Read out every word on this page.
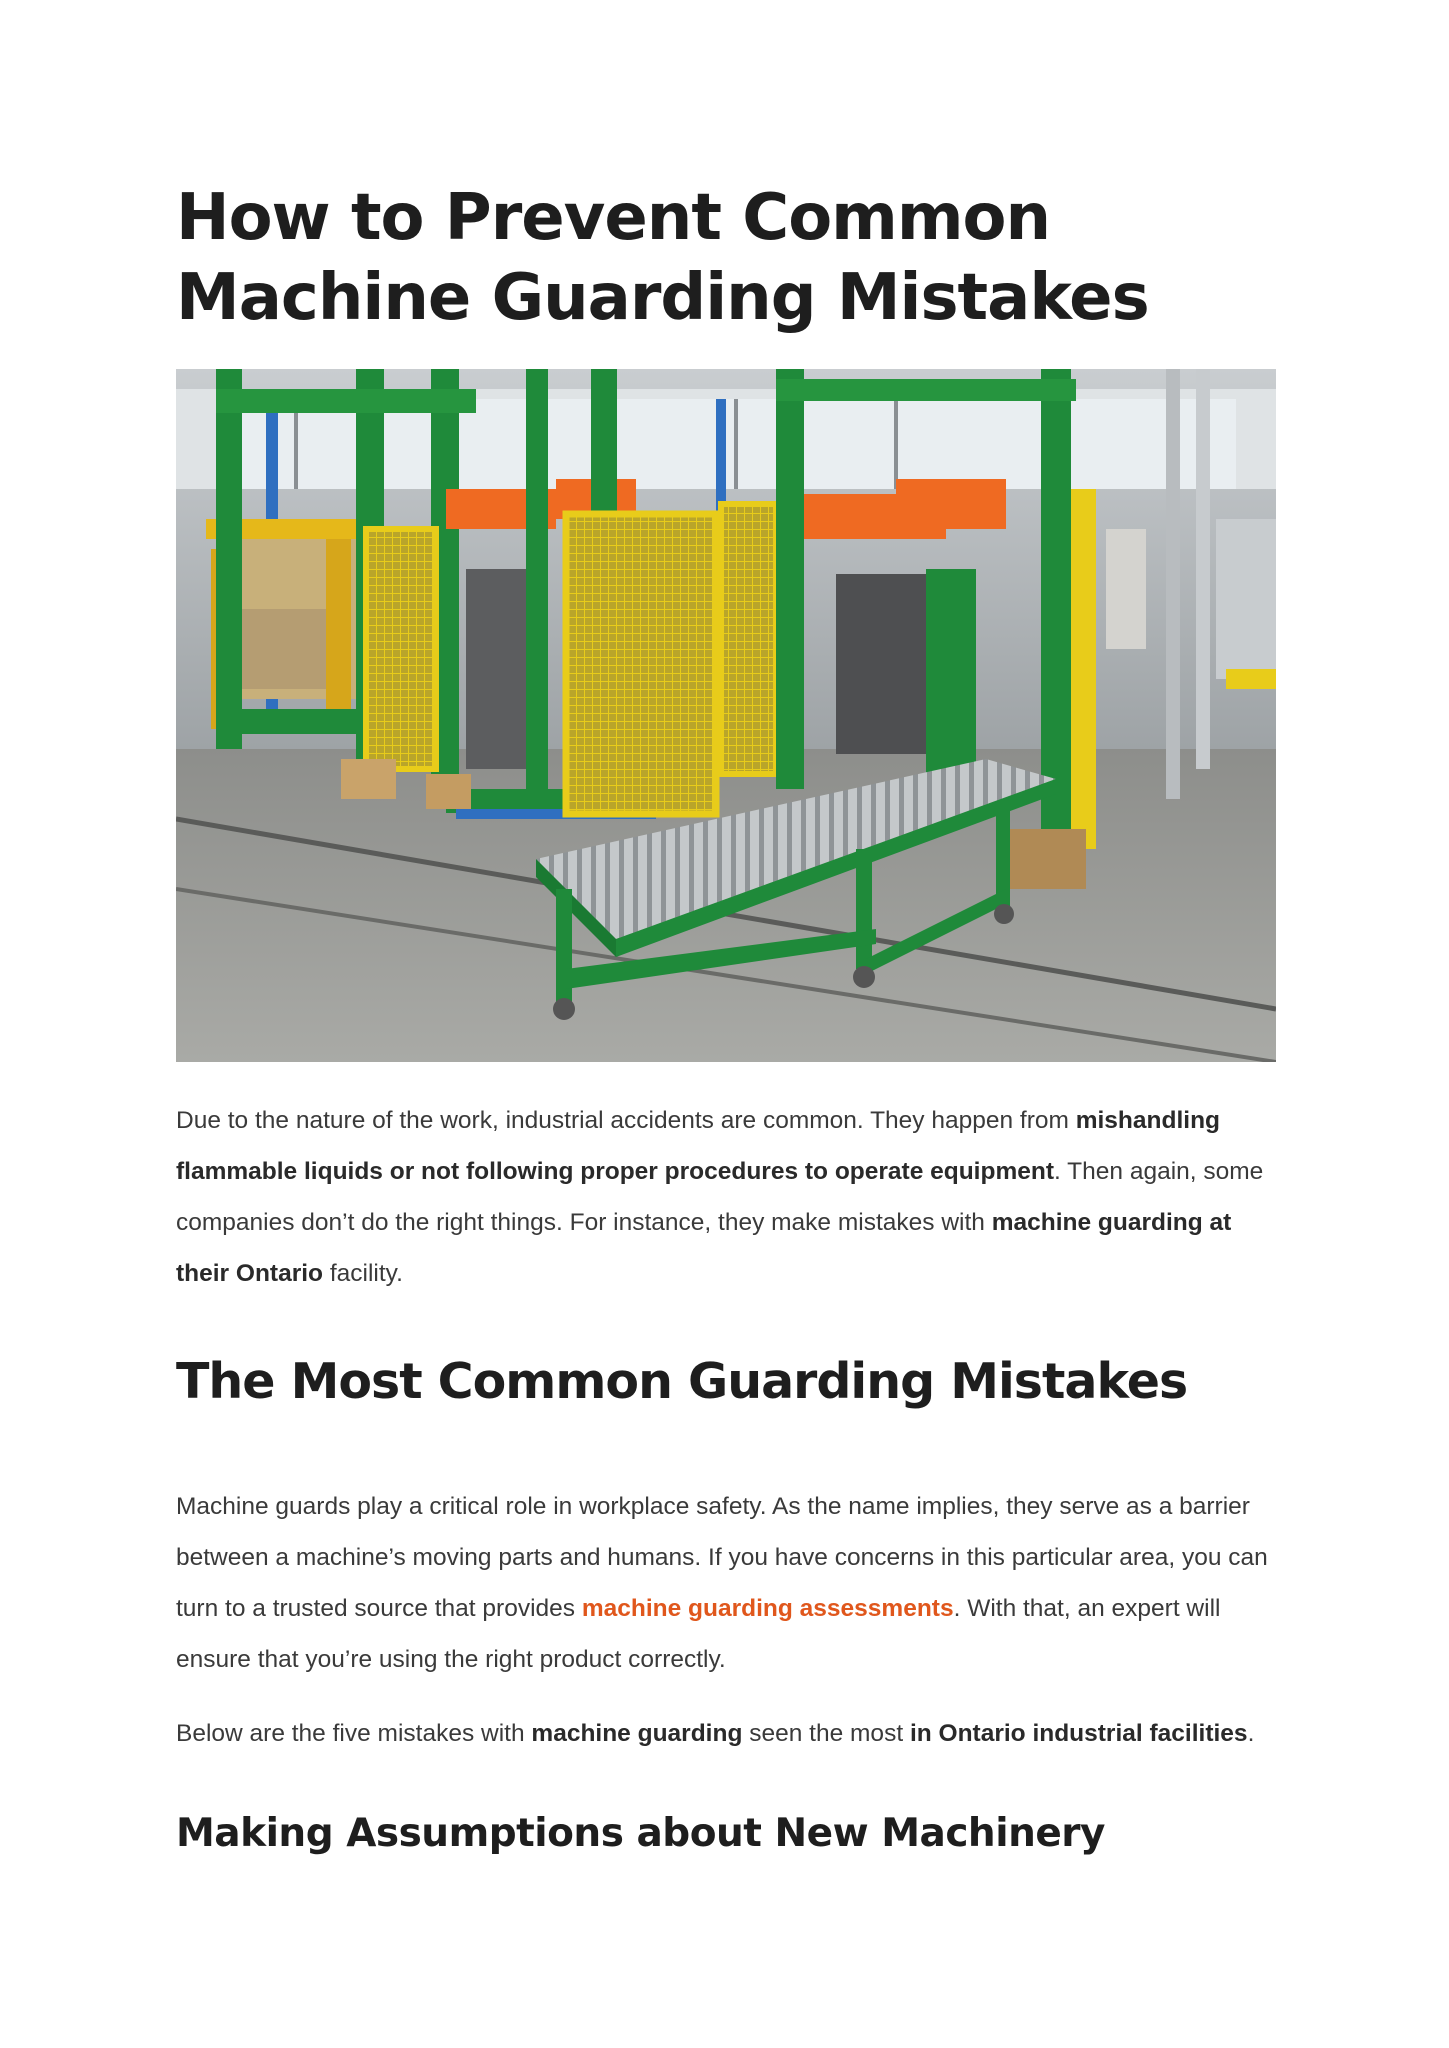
How to Prevent Common Machine Guarding Mistakes

Due to the nature of the work, industrial accidents are common. They happen from mishandling flammable liquids or not following proper procedures to operate equipment. Then again, some companies don’t do the right things. For instance, they make mistakes with machine guarding at their Ontario facility.

The Most Common Guarding Mistakes

Machine guards play a critical role in workplace safety. As the name implies, they serve as a barrier between a machine’s moving parts and humans. If you have concerns in this particular area, you can turn to a trusted source that provides machine guarding assessments. With that, an expert will ensure that you’re using the right product correctly.

Below are the five mistakes with machine guarding seen the most in Ontario industrial facilities.

Making Assumptions about New Machinery
